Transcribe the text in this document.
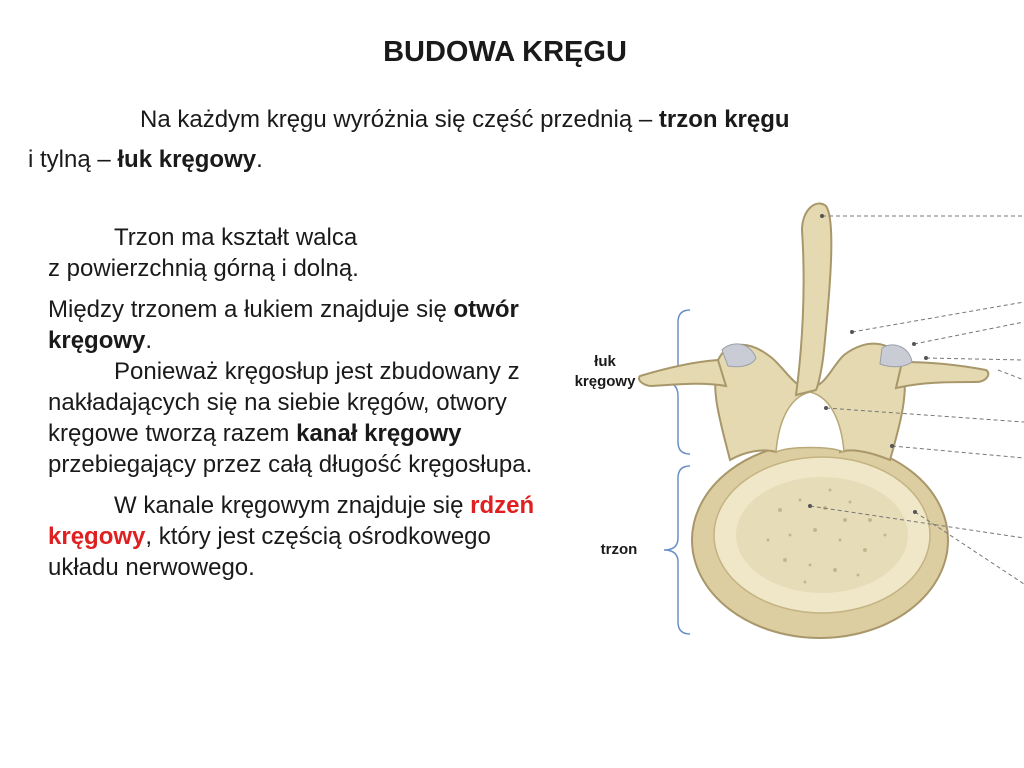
BUDOWA KRĘGU
Na każdym kręgu wyróżnia się część przednią – trzon kręgu
i tylną – łuk kręgowy.

Trzon ma kształt walca
z powierzchnią górną i dolną.

Między trzonem a łukiem znajduje się otwór kręgowy.

Ponieważ kręgosłup jest zbudowany z nakładających się na siebie kręgów, otwory kręgowe tworzą razem kanał kręgowy przebiegający przez całą długość kręgosłupa.

W kanale kręgowym znajduje się rdzeń kręgowy, który jest częścią ośrodkowego układu nerwowego.

łuk
kręgowy
trzon
